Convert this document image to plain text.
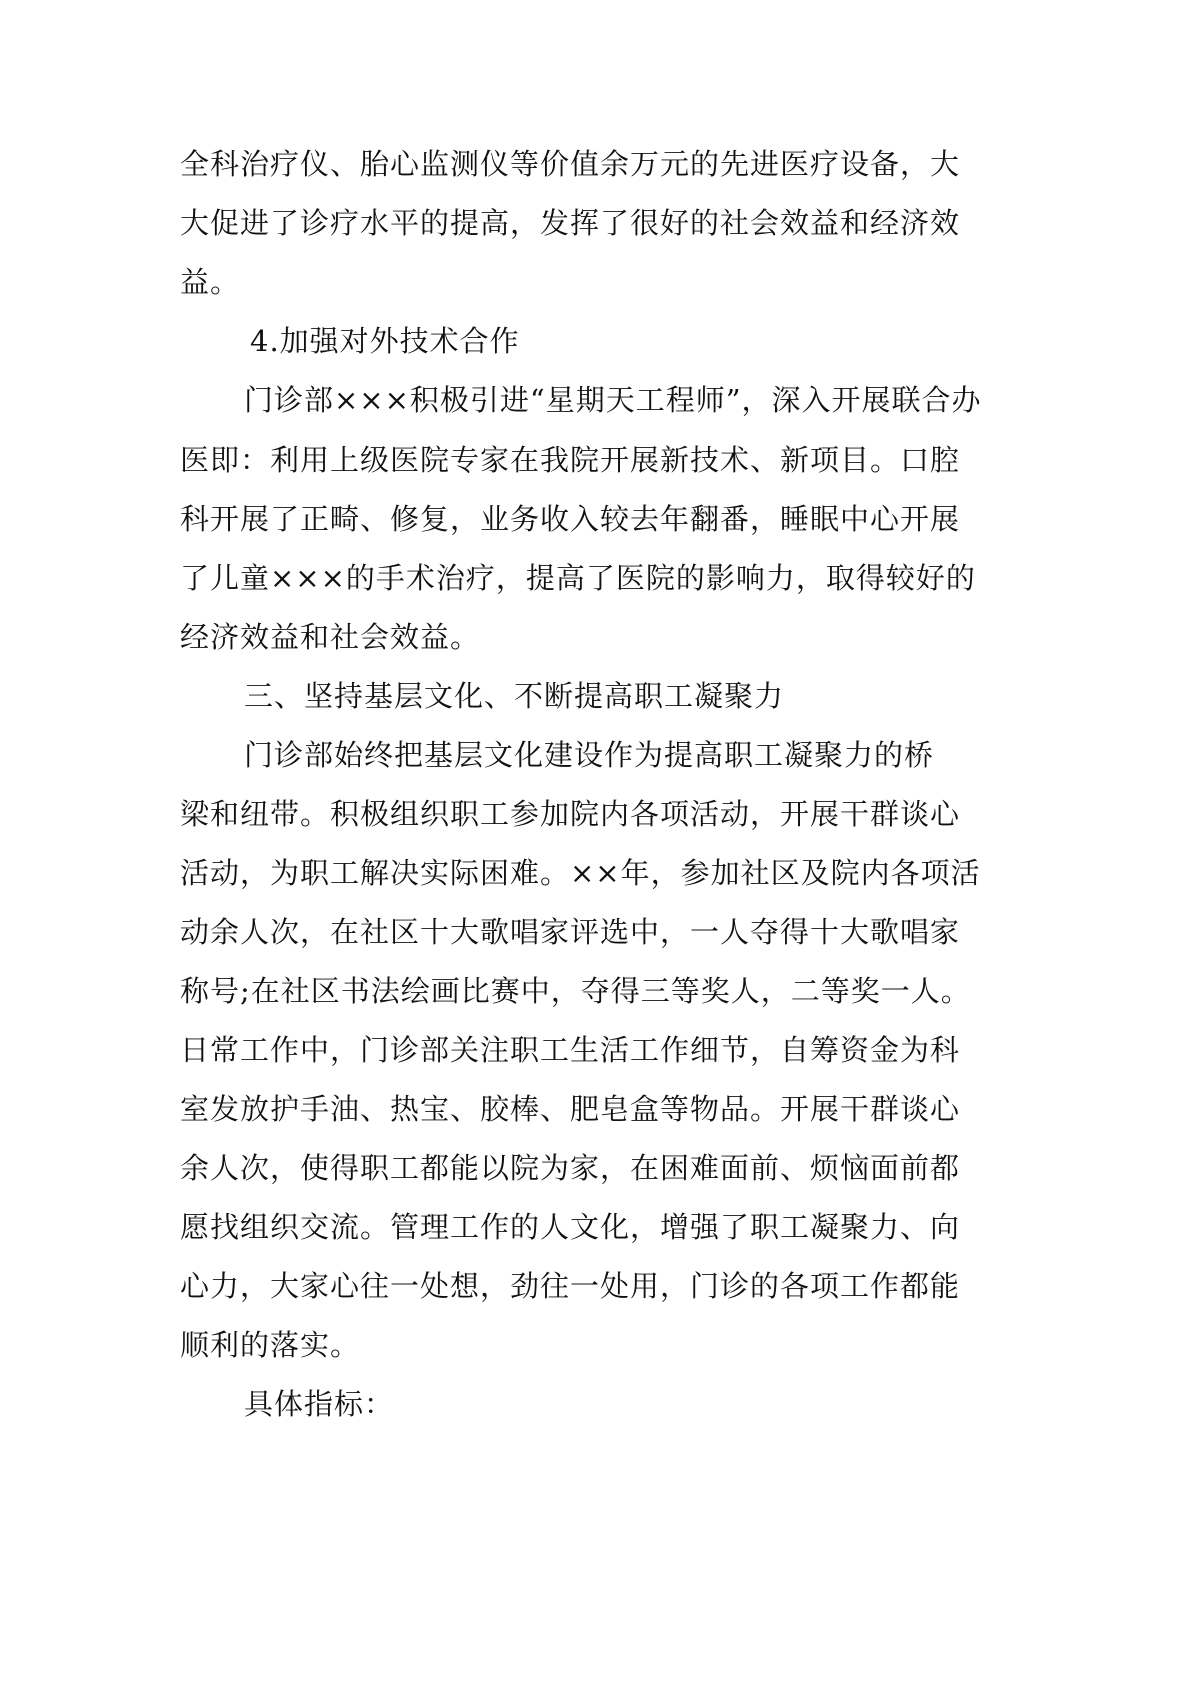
全科治疗仪、胎心监测仪等价值余万元的先进医疗设备，大
大促进了诊疗水平的提高，发挥了很好的社会效益和经济效
益。
4.加强对外技术合作
门诊部×××积极引进“星期天工程师”，深入开展联合办
医即：利用上级医院专家在我院开展新技术、新项目。口腔
科开展了正畸、修复，业务收入较去年翻番，睡眠中心开展
了儿童×××的手术治疗，提高了医院的影响力，取得较好的
经济效益和社会效益。
三、坚持基层文化、不断提高职工凝聚力
门诊部始终把基层文化建设作为提高职工凝聚力的桥
梁和纽带。积极组织职工参加院内各项活动，开展干群谈心
活动，为职工解决实际困难。××年，参加社区及院内各项活
动余人次，在社区十大歌唱家评选中，一人夺得十大歌唱家
称号;在社区书法绘画比赛中，夺得三等奖人，二等奖一人。
日常工作中，门诊部关注职工生活工作细节，自筹资金为科
室发放护手油、热宝、胶棒、肥皂盒等物品。开展干群谈心
余人次，使得职工都能以院为家，在困难面前、烦恼面前都
愿找组织交流。管理工作的人文化，增强了职工凝聚力、向
心力，大家心往一处想，劲往一处用，门诊的各项工作都能
顺利的落实。
具体指标：
